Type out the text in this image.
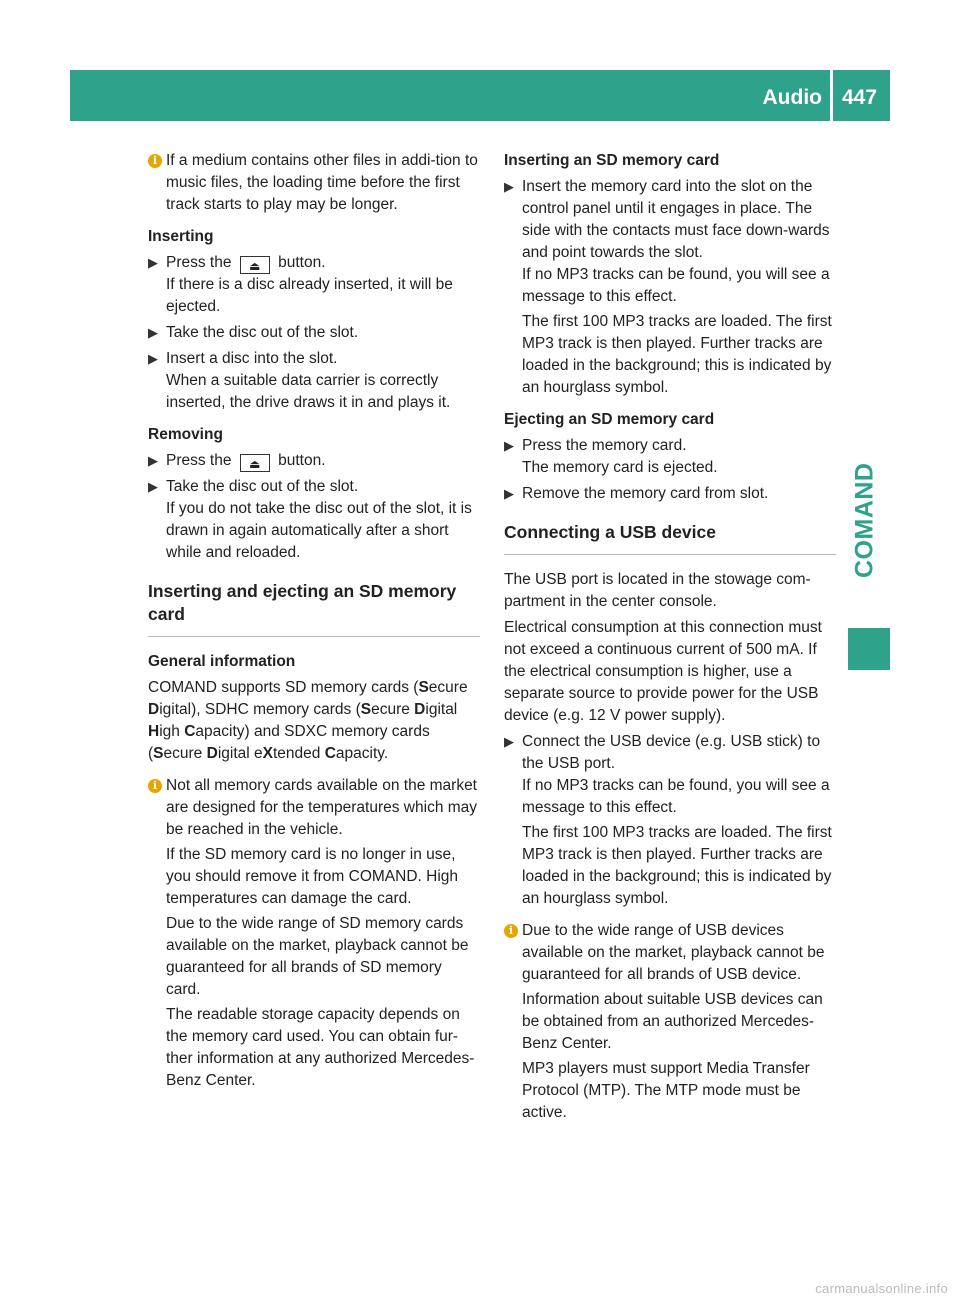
Audio 447
COMAND
i If a medium contains other files in addi-tion to music files, the loading time before the first track starts to play may be longer.

Inserting

▶ Press the ⏏ button.

If there is a disc already inserted, it will be ejected.

▶ Take the disc out of the slot.

▶ Insert a disc into the slot.

When a suitable data carrier is correctly inserted, the drive draws it in and plays it.

Removing

▶ Press the ⏏ button.

▶ Take the disc out of the slot.

If you do not take the disc out of the slot, it is drawn in again automatically after a short while and reloaded.

Inserting and ejecting an SD memory card

General information

COMAND supports SD memory cards (Secure Digital), SDHC memory cards (Secure Digital High Capacity) and SDXC memory cards (Secure Digital eXtended Capacity.

i Not all memory cards available on the market are designed for the temperatures which may be reached in the vehicle.

If the SD memory card is no longer in use, you should remove it from COMAND. High temperatures can damage the card.

Due to the wide range of SD memory cards available on the market, playback cannot be guaranteed for all brands of SD memory card.

The readable storage capacity depends on the memory card used. You can obtain fur-ther information at any authorized Mercedes-Benz Center.

Inserting an SD memory card

▶ Insert the memory card into the slot on the control panel until it engages in place. The side with the contacts must face down-wards and point towards the slot.

If no MP3 tracks can be found, you will see a message to this effect.

The first 100 MP3 tracks are loaded. The first MP3 track is then played. Further tracks are loaded in the background; this is indicated by an hourglass symbol.

Ejecting an SD memory card

▶ Press the memory card.

The memory card is ejected.

▶ Remove the memory card from slot.

Connecting a USB device

The USB port is located in the stowage com-partment in the center console.

Electrical consumption at this connection must not exceed a continuous current of 500 mA. If the electrical consumption is higher, use a separate source to provide power for the USB device (e.g. 12 V power supply).

▶ Connect the USB device (e.g. USB stick) to the USB port.

If no MP3 tracks can be found, you will see a message to this effect.

The first 100 MP3 tracks are loaded. The first MP3 track is then played. Further tracks are loaded in the background; this is indicated by an hourglass symbol.

i Due to the wide range of USB devices available on the market, playback cannot be guaranteed for all brands of USB device.

Information about suitable USB devices can be obtained from an authorized Mercedes-Benz Center.

MP3 players must support Media Transfer Protocol (MTP). The MTP mode must be active.

carmanualsonline.info
